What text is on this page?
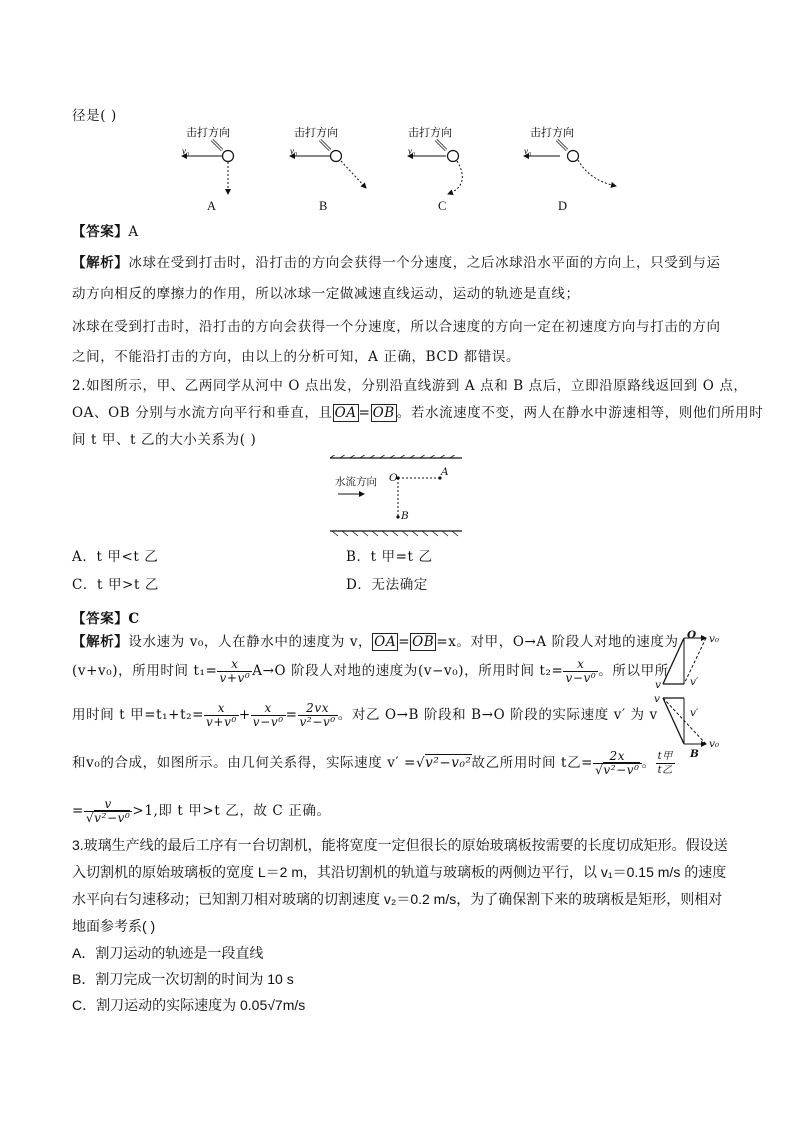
径是( )
击打方向
v₀
击打方向
v₀
击打方向
v₀
击打方向
v₀
A	B	C	D
【答案】A
【解析】冰球在受到打击时，沿打击的方向会获得一个分速度，之后冰球沿水平面的方向上，只受到与运
动方向相反的摩擦力的作用，所以冰球一定做减速直线运动，运动的轨迹是直线；
冰球在受到打击时，沿打击的方向会获得一个分速度，所以合速度的方向一定在初速度方向与打击的方向
之间，不能沿打击的方向，由以上的分析可知，A 正确，BCD 都错误。
2.如图所示，甲、乙两同学从河中 O 点出发，分别沿直线游到 A 点和 B 点后，立即沿原路线返回到 O 点，
OA、OB 分别与水流方向平行和垂直，且 OA = OB 。若水流速度不变，两人在静水中游速相等，则他们所用时
间 t 甲、t 乙的大小关系为( )
水流方向 O	A
B
A．t 甲<t 乙	B．t 甲=t 乙
C．t 甲>t 乙	D．无法确定
【答案】C
【解析】设水速为 v₀，人在静水中的速度为 v， OA = OB =x。对甲，O→A 阶段人对地的速度为
(v+v₀)，所用时间 $t_1= \frac{x}{\text{v+v⁰}} A\to O$ 阶段人对地的速度为(v−v₀)，所用时间 $t_2= \frac{x}{\text{v−v⁰}}$ 。所以甲所
用时间 t 甲$=t_1+t_2= \frac{x}{\text{v+v⁰}} + \frac{x}{\text{v−v⁰}} = \frac{2vx}{\text{v²−v⁰}}$ 。对乙 O→B 阶段和 B→O 阶段的实际速度 v′ 为 v
和v₀的合成，如图所示。由几何关系得，实际速度 v′ =√v²−v₀²故乙所用时间 t乙= $\frac{2x}{\text{√v²−v⁰}}$ 。 $\frac{\text{t甲}}{\text{t乙}}$
= $\frac{v}{\text{√v²−v⁰}} >1$,即 t 甲>t 乙，故 C 正确。
O v₀
v	v′
v
v′
v₀
B
3.玻璃生产线的最后工序有一台切割机，能将宽度一定但很长的原始玻璃板按需要的长度切成矩形。假设送
入切割机的原始玻璃板的宽度 L＝2 m，其沿切割机的轨道与玻璃板的两侧边平行，以 v₁＝0.15 m/s 的速度
水平向右匀速移动；已知割刀相对玻璃的切割速度 v₂＝0.2 m/s，为了确保割下来的玻璃板是矩形，则相对
地面参考系( )
A．割刀运动的轨迹是一段直线
B．割刀完成一次切割的时间为 10 s
C．割刀运动的实际速度为 0.05√7m/s
